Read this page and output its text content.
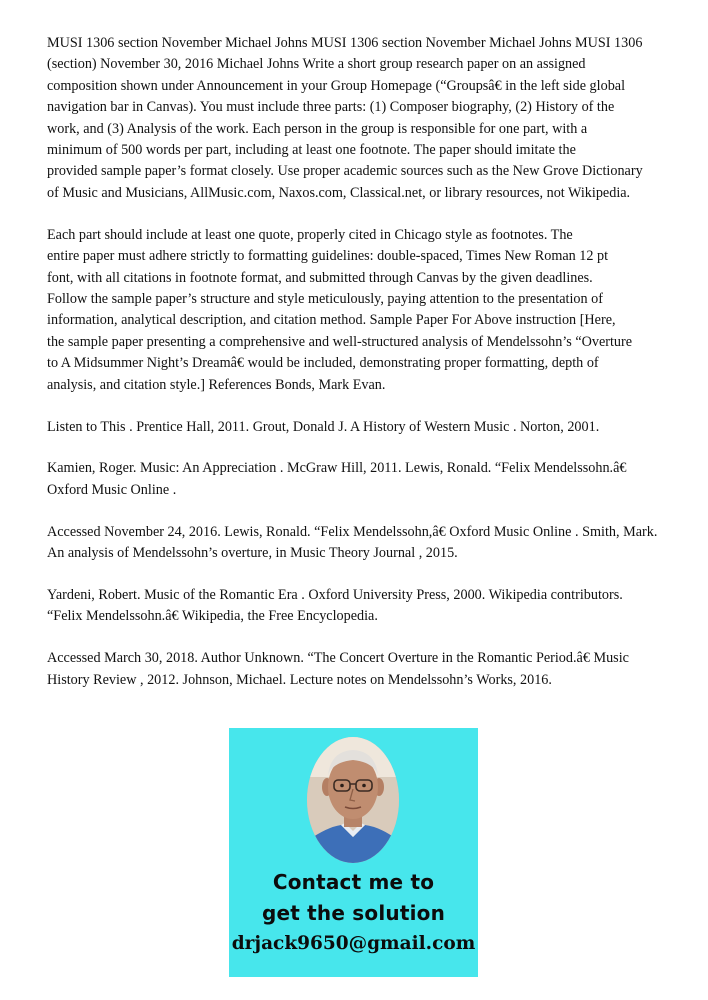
MUSI 1306 section November Michael Johns MUSI 1306 section November Michael Johns MUSI 1306
(section) November 30, 2016 Michael Johns Write a short group research paper on an assigned
composition shown under Announcement in your Group Homepage (“Groupsâ€ in the left side global
navigation bar in Canvas). You must include three parts: (1) Composer biography, (2) History of the
work, and (3) Analysis of the work. Each person in the group is responsible for one part, with a
minimum of 500 words per part, including at least one footnote. The paper should imitate the
provided sample paper’s format closely. Use proper academic sources such as the New Grove Dictionary
of Music and Musicians, AllMusic.com, Naxos.com, Classical.net, or library resources, not Wikipedia.

Each part should include at least one quote, properly cited in Chicago style as footnotes. The
entire paper must adhere strictly to formatting guidelines: double-spaced, Times New Roman 12 pt
font, with all citations in footnote format, and submitted through Canvas by the given deadlines.
Follow the sample paper’s structure and style meticulously, paying attention to the presentation of
information, analytical description, and citation method. Sample Paper For Above instruction [Here,
the sample paper presenting a comprehensive and well-structured analysis of Mendelssohn’s “Overture
to A Midsummer Night’s Dreamâ€ would be included, demonstrating proper formatting, depth of
analysis, and citation style.] References Bonds, Mark Evan.

Listen to This . Prentice Hall, 2011. Grout, Donald J. A History of Western Music . Norton, 2001.

Kamien, Roger. Music: An Appreciation . McGraw Hill, 2011. Lewis, Ronald. “Felix Mendelssohn.â€
Oxford Music Online .

Accessed November 24, 2016. Lewis, Ronald. “Felix Mendelssohn,â€ Oxford Music Online . Smith, Mark.
An analysis of Mendelssohn’s overture, in Music Theory Journal , 2015.

Yardeni, Robert. Music of the Romantic Era . Oxford University Press, 2000. Wikipedia contributors.
“Felix Mendelssohn.â€ Wikipedia, the Free Encyclopedia.

Accessed March 30, 2018. Author Unknown. “The Concert Overture in the Romantic Period.â€ Music
History Review , 2012. Johnson, Michael. Lecture notes on Mendelssohn’s Works, 2016.

Contact me to
get the solution
drjack9650@gmail.com
